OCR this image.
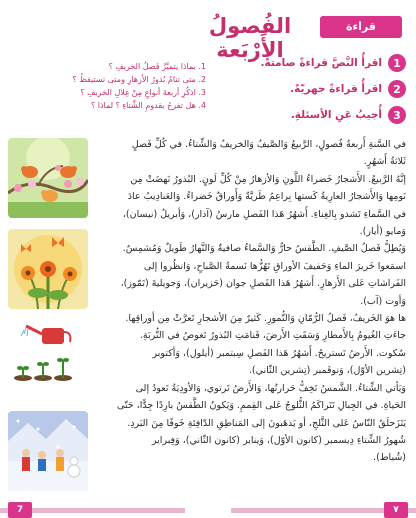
الفُصولُ الأَرْبَعة
قراءة
1
اقرأُ النَّصَّ قراءةً صامتةً.
2
اقرأُ قراءةً جهريّةً.
3
أُجيبُ عَنِ الأسئلةِ.
1. بماذا يتميَّزُ فَصلُ الخريفِ ؟
2. متى تنامُ بُذورُ الأزهارِ ومتى تستيقظُ ؟
3. اذكُرِ أربعةَ أنواعٍ مِنْ غِلالِ الخريفِ ؟
4. هل تفرحُ بقدومِ الشِّتاءِ ؟ لماذا ؟
في السَّنةِ أَربعةُ فُصولٍ، الرَّبيعُ وَالصَّيفُ وَالخريفُ وَالشِّتاءُ. في كُلِّ فَصلٍ
ثَلاثةُ أَشهُرٍ.
إنَّهُ الرَّبيعُ. الأَشجارُ خَضراءُ اللَّونِ وَالأزهارُ مِنْ كُلِّ لَونٍ. البُذورُ نَهضَتْ مِن
نَومِها وَالأَشجارُ العارِيةُ كَستها بِراعِمُ طَريَّةٌ وَأَوراقٌ خَضراءُ. وَالعَنادِيبُ عادَ
في السَّماءِ تَشدو بِالغِناءِ. أَشهُرُ هَذا الفَصلِ مارسُ (آذار)، وَأبريلُ (نيسان)،
وَمايو (أيار).
وَيُطِلُّ فَصلُ الصَّيفِ. الطَّقسُ حارٌّ وَالسَّماءُ صافيةٌ وَالنَّهارُ طَويلٌ وَمُشمِسٌ.
اسمَعوا خَريرَ الماءِ وَحَفيفَ الأوراقِ تَهُزُّها نَسمةُ الصَّباحِ، وَانظُروا إلى
الفَراشاتِ عَلى الأَزهارِ. أَشهُرُ هَذا الفَصلِ جوان (حَزيران)، وَجويليةَ (تَمّوز)،
وَأوت (آب).
ها هوَ الخَريفُ، فَصلُ الرُّمّانِ وَالتُّمورِ. كَثيرٌ مِنَ الأشجارِ تَعرَّتْ مِن أوراقِها.
جاءَتِ الغُيومُ بِالأَمطارِ وَسَقَتِ الأَرضَ، فَنامَتِ البُذورُ تَغوصُ في التُّربَةِ.
سُكوت. الأَرضُ تَستريحُ. أَشهُرُ هَذا الفَصلِ سِبتمبر (أيلول)، وَأكتوبر
(تِشرين الأوّل)، وَنوفَمبر (تِشرين الثّاني).
وَيَأتي الشِّتاءُ. الشَّمسُ تَخِفُّ حَرارتُها، وَالأَرضُ تَرتوي، وَالأودِيَةُ تَعودُ إلى
الحَياةِ. في الجِبالِ تَتَراكَمُ الثُّلوجُ عَلى القِممِ. وَيَكونُ الطَّقسُ بارِدًا جِدًّا، حَتّى
يَتَزَحلَقُ النّاسُ عَلى الثَّلجِ، أو يَذهَبونَ إلى المَناطِقِ الدّافِئةِ خَوفًا مِنَ البَردِ.
شُهورُ الشِّتاءِ دِيسمبر (كانون الأوّل)، وَيناير (كانون الثّاني)، وَفِبراير
(شُباط).
7	٧
